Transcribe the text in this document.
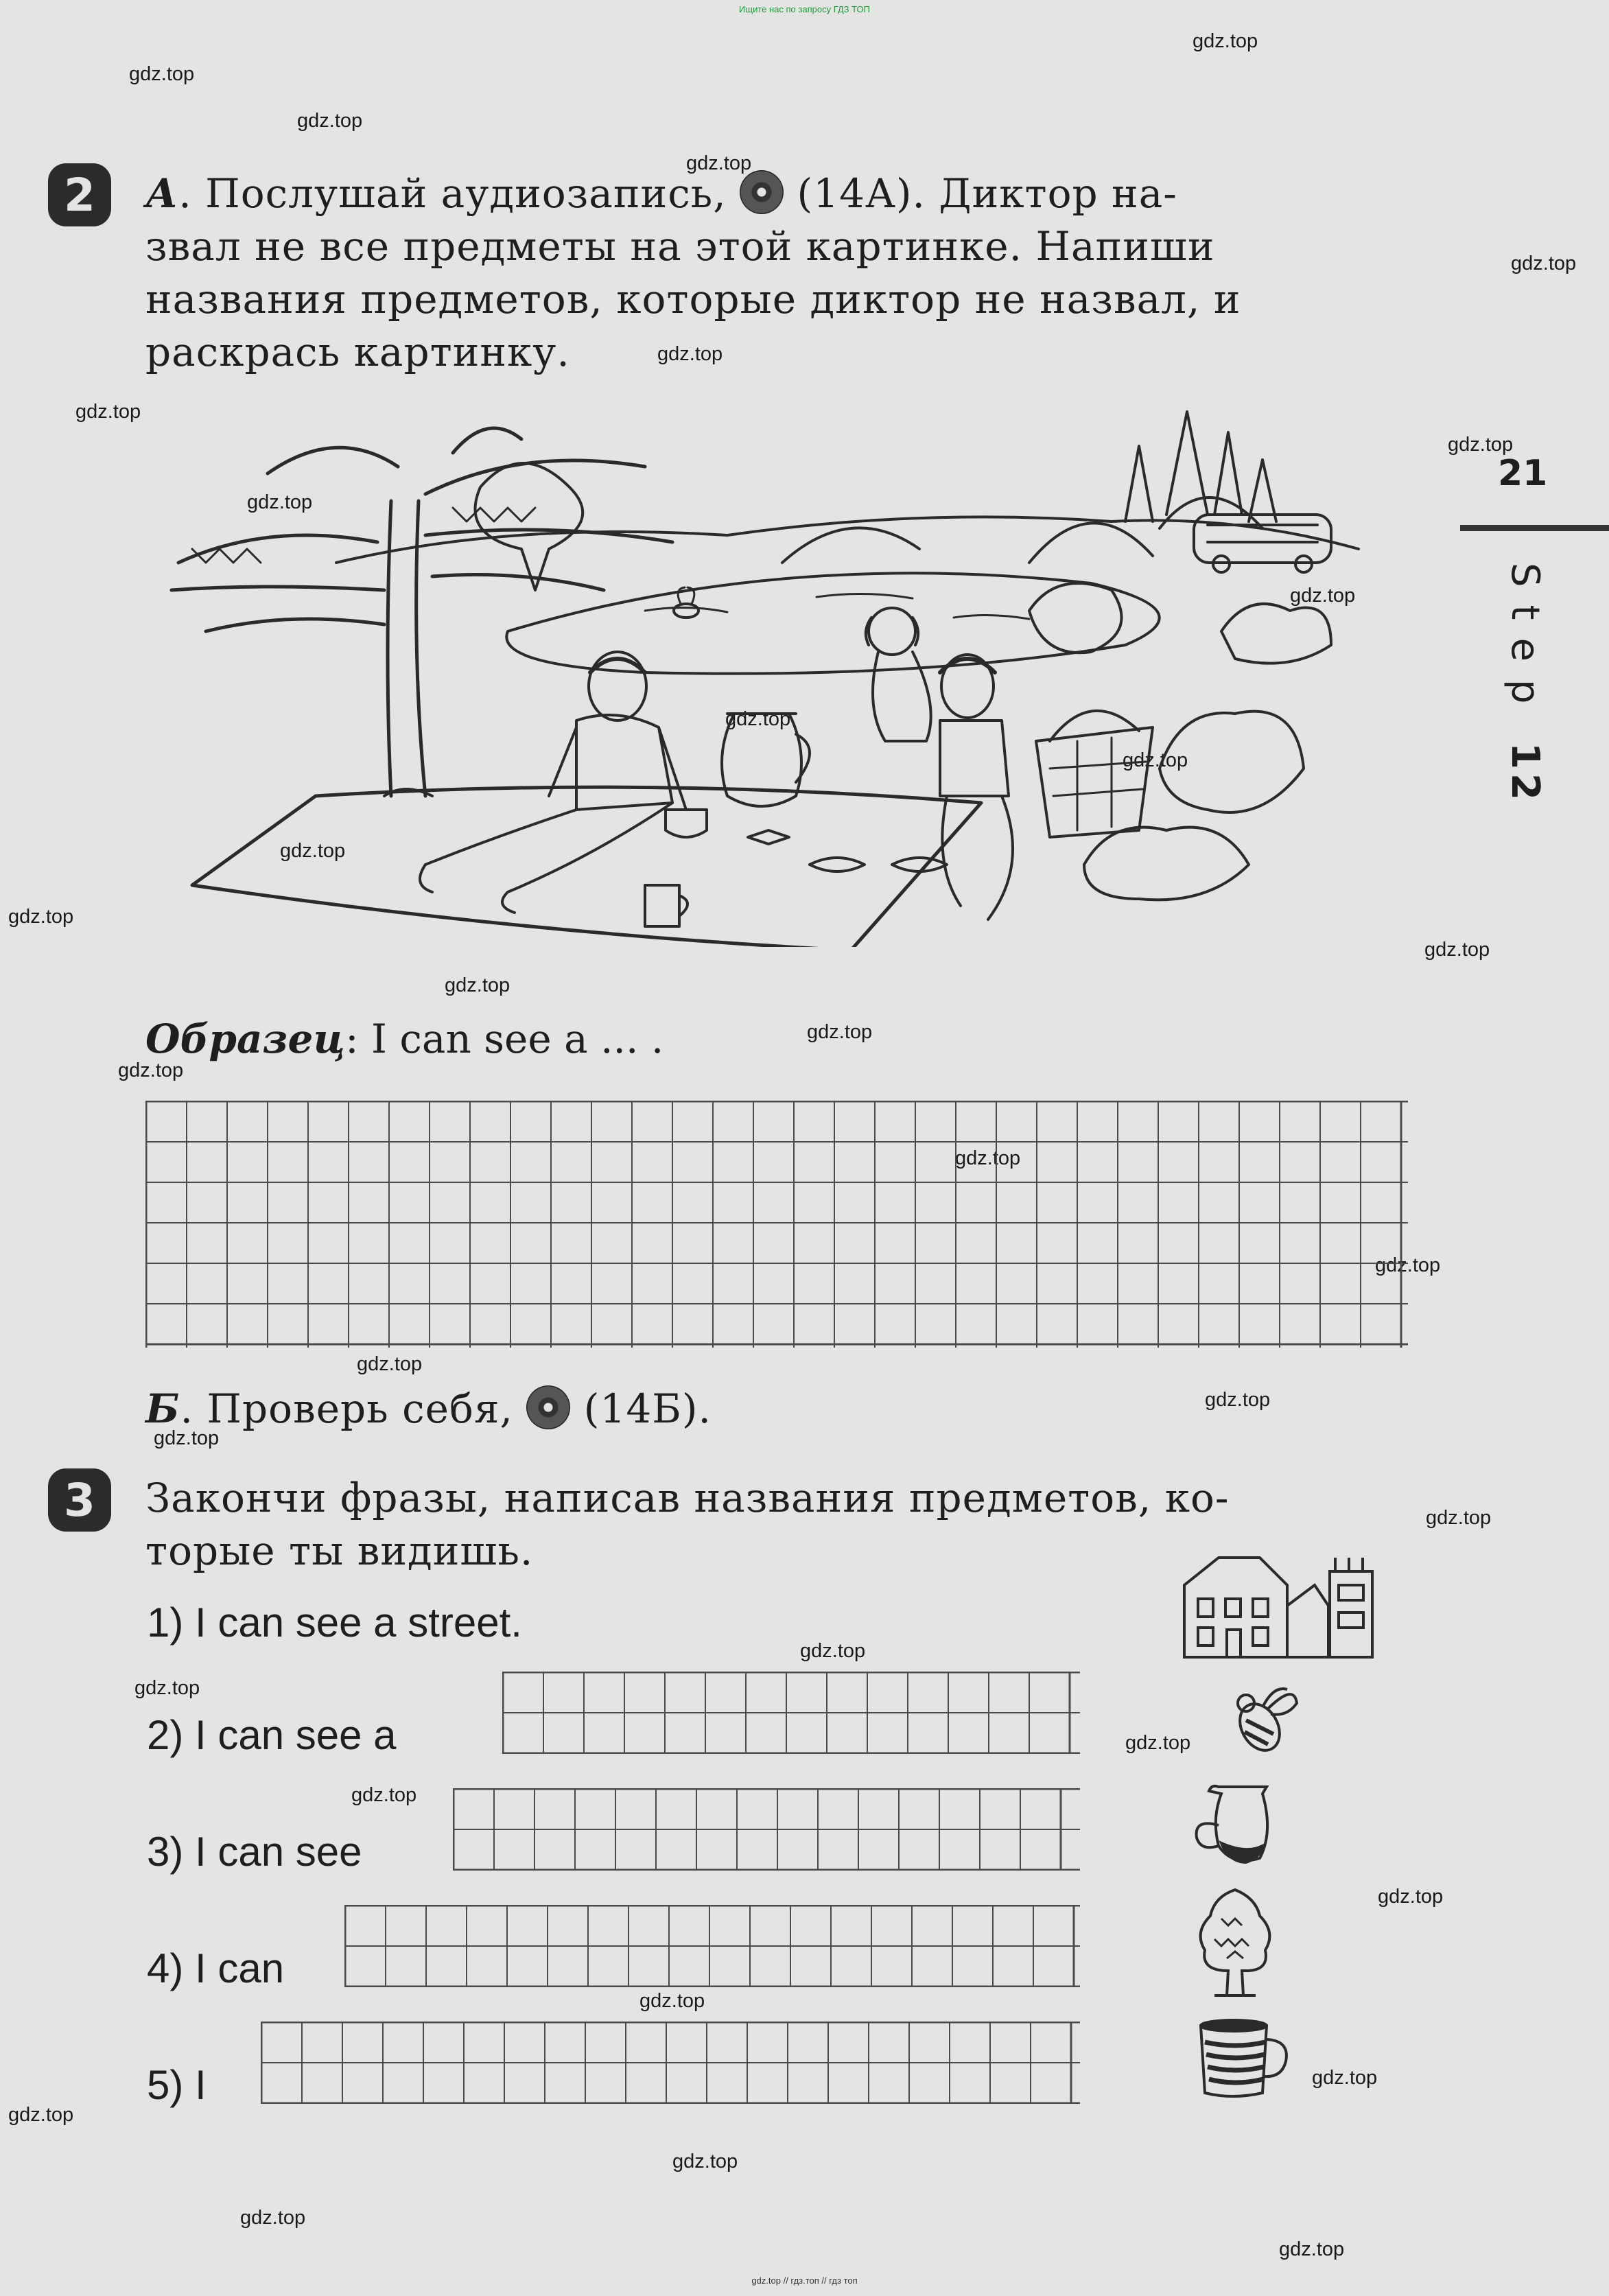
Ищите нас по запросу ГДЗ ТОП
gdz.top
gdz.top
gdz.top
gdz.top
gdz.top
gdz.top
gdz.top
gdz.top
gdz.top
gdz.top
gdz.top
gdz.top
gdz.top
gdz.top
gdz.top
gdz.top
gdz.top
gdz.top
gdz.top
gdz.top
gdz.top
gdz.top
gdz.top
gdz.top
gdz.top
gdz.top
gdz.top
gdz.top
gdz.top
gdz.top
gdz.top
gdz.top
gdz.top
gdz.top
gdz.top
21
Step12
2	А. Послушай аудиозапись,  (14А). Диктор на-
звал не все предметы на этой картинке. Напиши
названия предметов, которые диктор не назвал, и
раскрась картинку.
Образец: I can see a ... .
Б. Проверь себя,  (14Б).
3	Закончи фразы, написав названия предметов, ко-
торые ты видишь.
1) I can see a street.
2) I can see a
3) I can see
4) I can
5) I
gdz.top // гдз.топ // гдз топ
